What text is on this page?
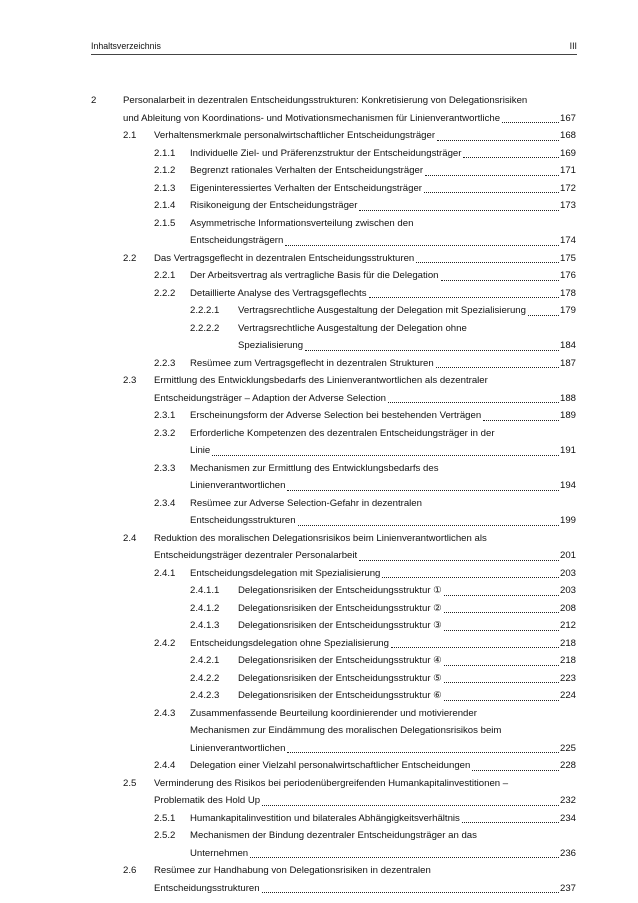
Inhaltsverzeichnis	III
2	Personalarbeit in dezentralen Entscheidungsstrukturen: Konkretisierung von Delegationsrisiken
und Ableitung von Koordinations- und Motivationsmechanismen für Linienverantwortliche	167
2.1 Verhaltensmerkmale personalwirtschaftlicher Entscheidungsträger	168
2.1.1 Individuelle Ziel- und Präferenzstruktur der Entscheidungsträger	169
2.1.2 Begrenzt rationales Verhalten der Entscheidungsträger	171
2.1.3 Eigeninteressiertes Verhalten der Entscheidungsträger	172
2.1.4 Risikoneigung der Entscheidungsträger	173
2.1.5 Asymmetrische Informationsverteilung zwischen den
Entscheidungsträgern	174
2.2 Das Vertragsgeflecht in dezentralen Entscheidungsstrukturen	175
2.2.1 Der Arbeitsvertrag als vertragliche Basis für die Delegation	176
2.2.2 Detaillierte Analyse des Vertragsgeflechts	178
2.2.2.1 Vertragsrechtliche Ausgestaltung der Delegation mit Spezialisierung	179
2.2.2.2 Vertragsrechtliche Ausgestaltung der Delegation ohne
Spezialisierung	184
2.2.3 Resümee zum Vertragsgeflecht in dezentralen Strukturen	187
2.3 Ermittlung des Entwicklungsbedarfs des Linienverantwortlichen als dezentraler
Entscheidungsträger – Adaption der Adverse Selection	188
2.3.1 Erscheinungsform der Adverse Selection bei bestehenden Verträgen	189
2.3.2 Erforderliche Kompetenzen des dezentralen Entscheidungsträger in der
Linie	191
2.3.3 Mechanismen zur Ermittlung des Entwicklungsbedarfs des
Linienverantwortlichen	194
2.3.4 Resümee zur Adverse Selection-Gefahr in dezentralen
Entscheidungsstrukturen	199
2.4 Reduktion des moralischen Delegationsrisikos beim Linienverantwortlichen als
Entscheidungsträger dezentraler Personalarbeit	201
2.4.1 Entscheidungsdelegation mit Spezialisierung	203
2.4.1.1 Delegationsrisiken der Entscheidungsstruktur ①	203
2.4.1.2 Delegationsrisiken der Entscheidungsstruktur ②	208
2.4.1.3 Delegationsrisiken der Entscheidungsstruktur ③	212
2.4.2 Entscheidungsdelegation ohne Spezialisierung	218
2.4.2.1 Delegationsrisiken der Entscheidungsstruktur ④	218
2.4.2.2 Delegationsrisiken der Entscheidungsstruktur ⑤	223
2.4.2.3 Delegationsrisiken der Entscheidungsstruktur ⑥	224
2.4.3 Zusammenfassende Beurteilung koordinierender und motivierender
Mechanismen zur Eindämmung des moralischen Delegationsrisikos beim
Linienverantwortlichen	225
2.4.4 Delegation einer Vielzahl personalwirtschaftlicher Entscheidungen	228
2.5 Verminderung des Risikos bei periodenübergreifenden Humankapitalinvestitionen –
Problematik des Hold Up	232
2.5.1 Humankapitalinvestition und bilaterales Abhängigkeitsverhältnis	234
2.5.2 Mechanismen der Bindung dezentraler Entscheidungsträger an das
Unternehmen	236
2.6 Resümee zur Handhabung von Delegationsrisiken in dezentralen
Entscheidungsstrukturen	237
